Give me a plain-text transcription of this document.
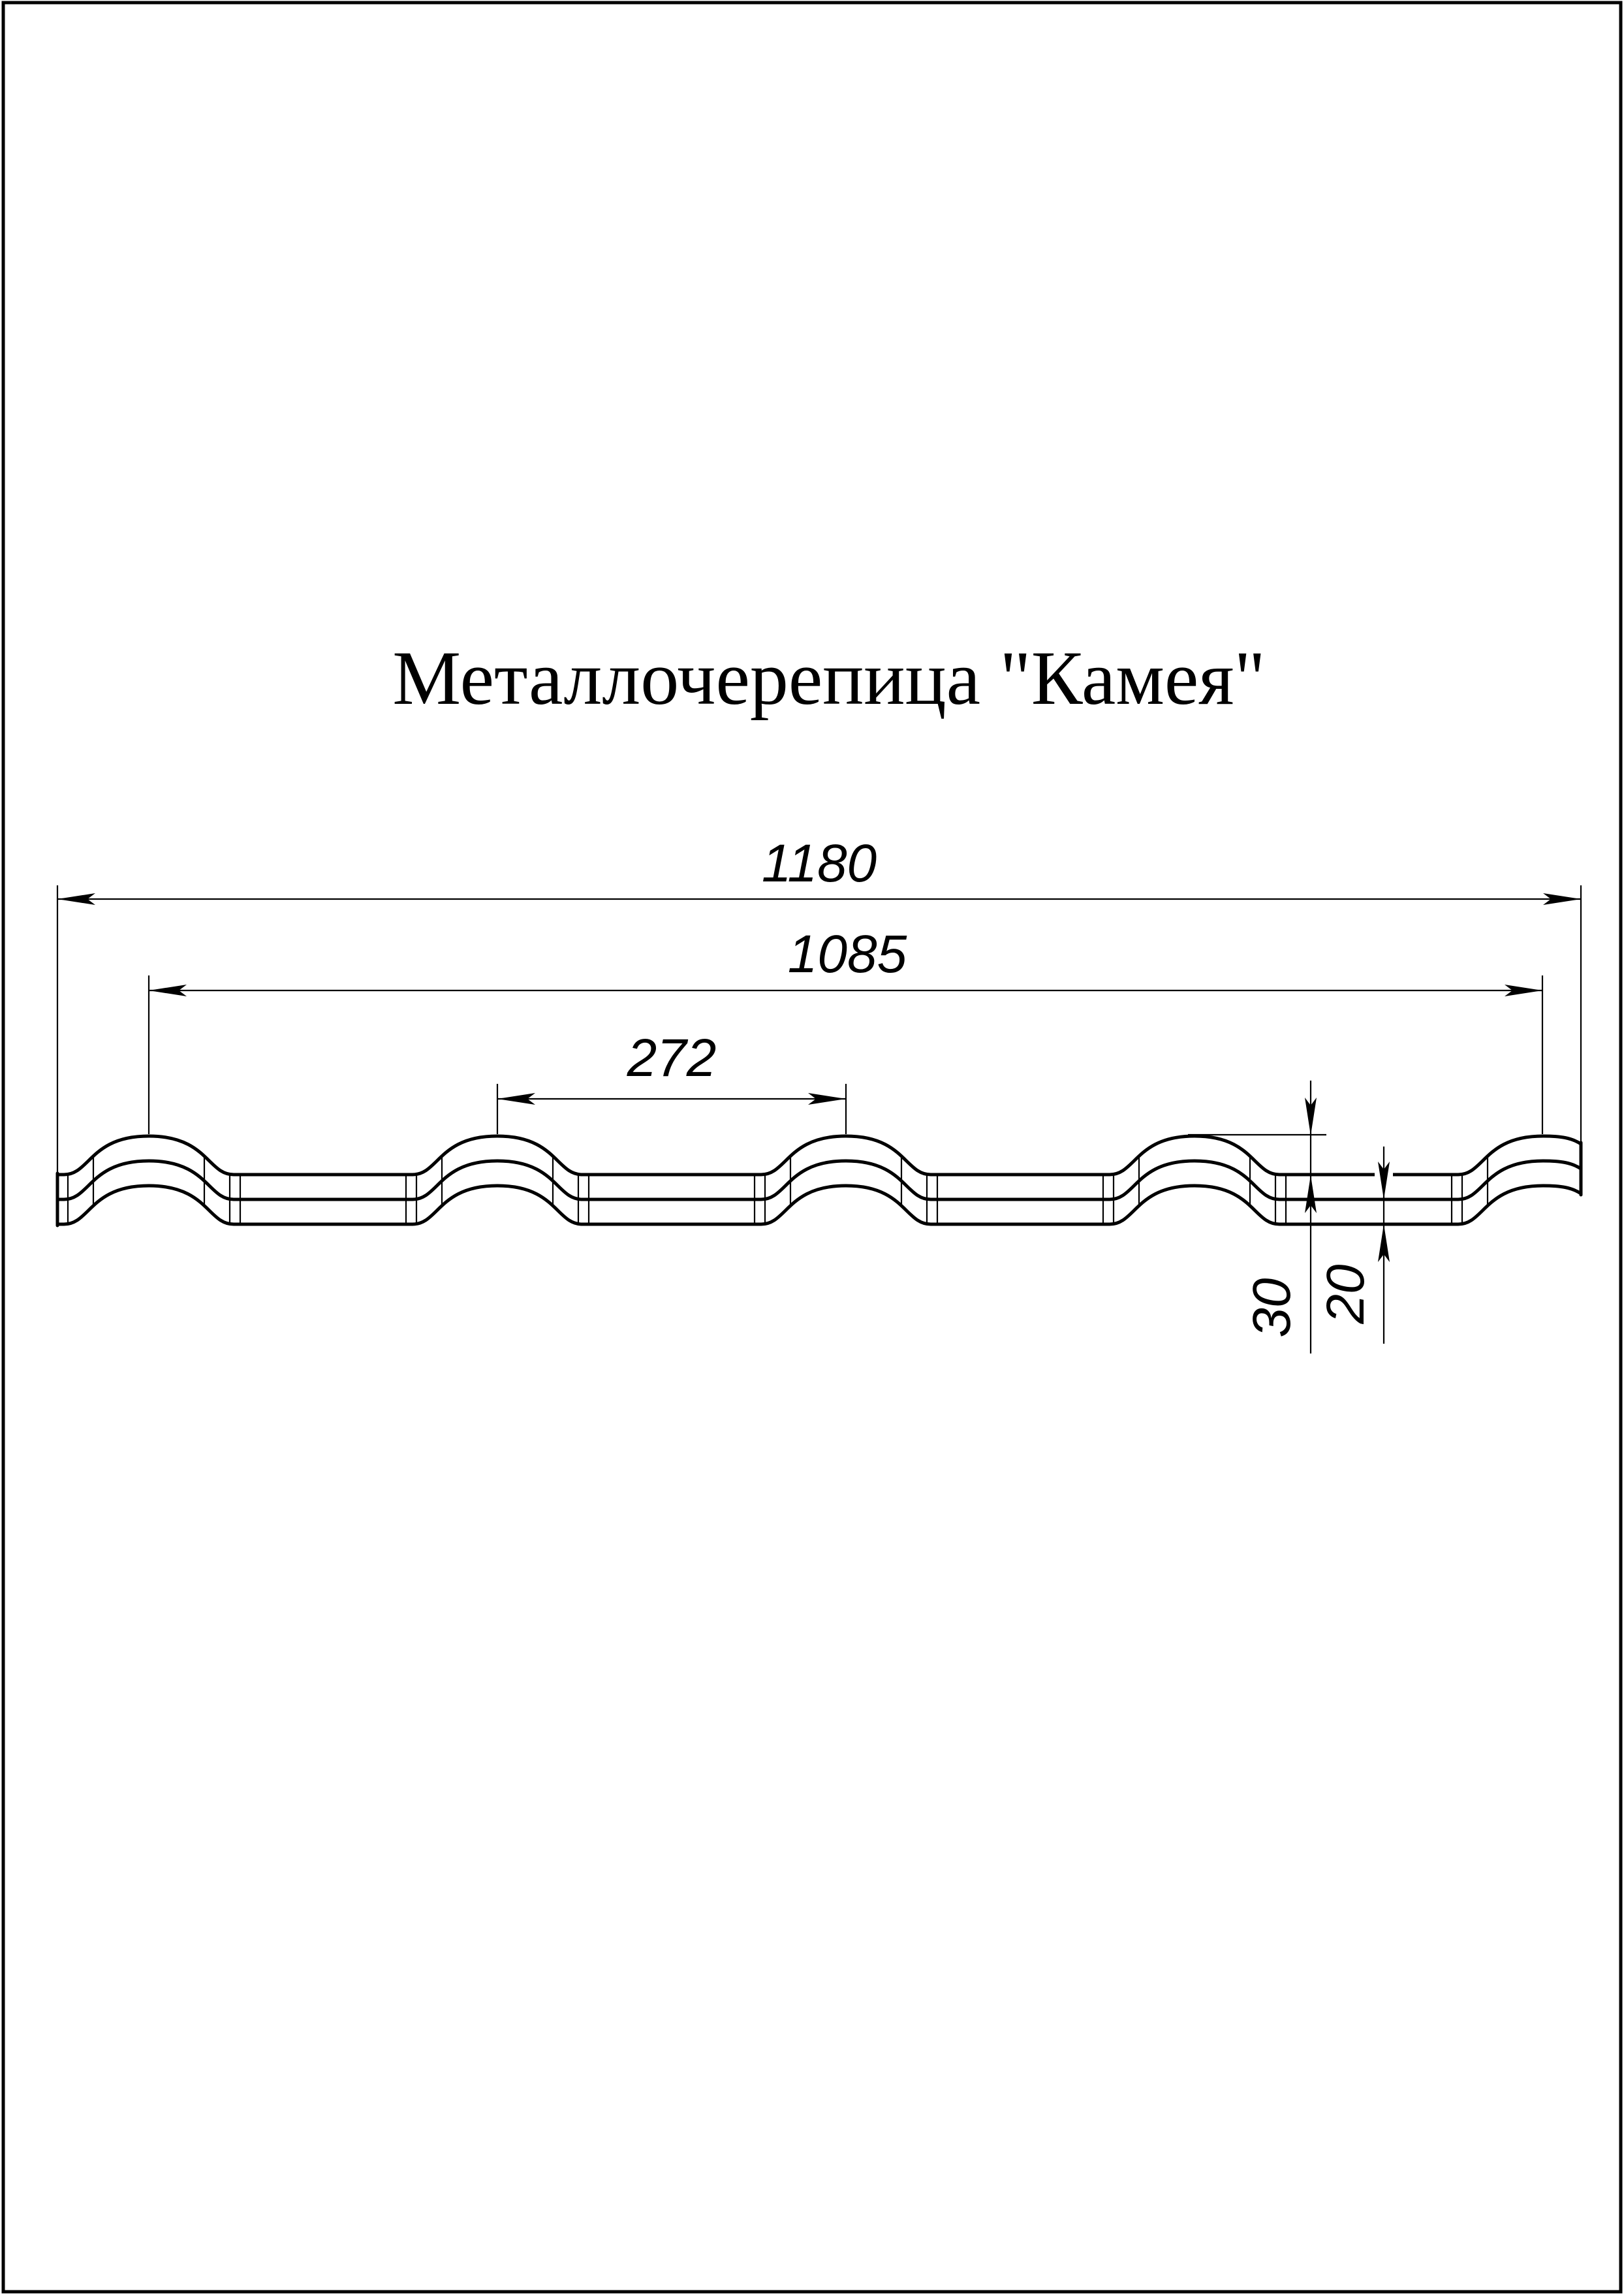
Металлочерепица "Камея"
1180
1085
272
30 20
